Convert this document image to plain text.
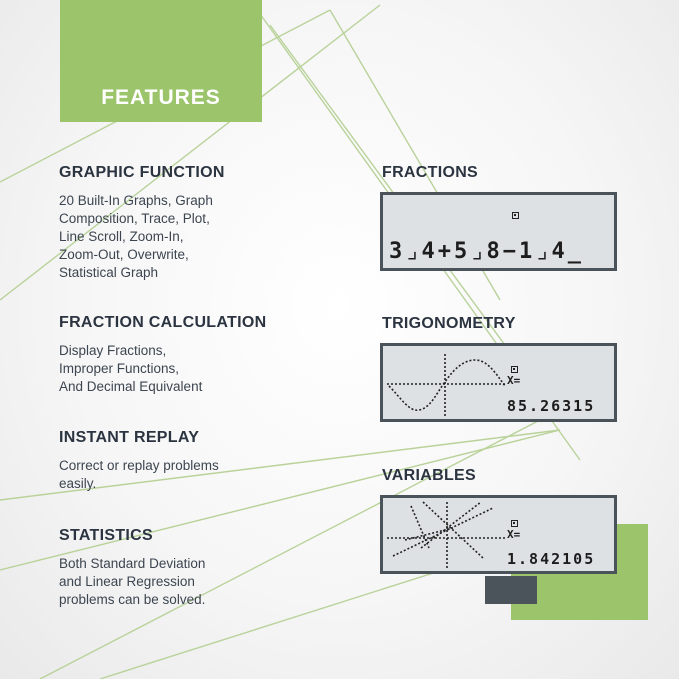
FEATURES
GRAPHIC FUNCTION

20 Built-In Graphs, Graph
Composition, Trace, Plot,
Line Scroll, Zoom-In,
Zoom-Out, Overwrite,
Statistical Graph

FRACTION CALCULATION

Display Fractions,
Improper Functions,
And Decimal Equivalent

INSTANT REPLAY

Correct or replay problems
easily.

STATISTICS

Both Standard Deviation
and Linear Regression
problems can be solved.

FRACTIONS
3⌟4+5⌟8−1⌟4_
TRIGONOMETRY
X=
85.26315
VARIABLES
X=
1.842105
